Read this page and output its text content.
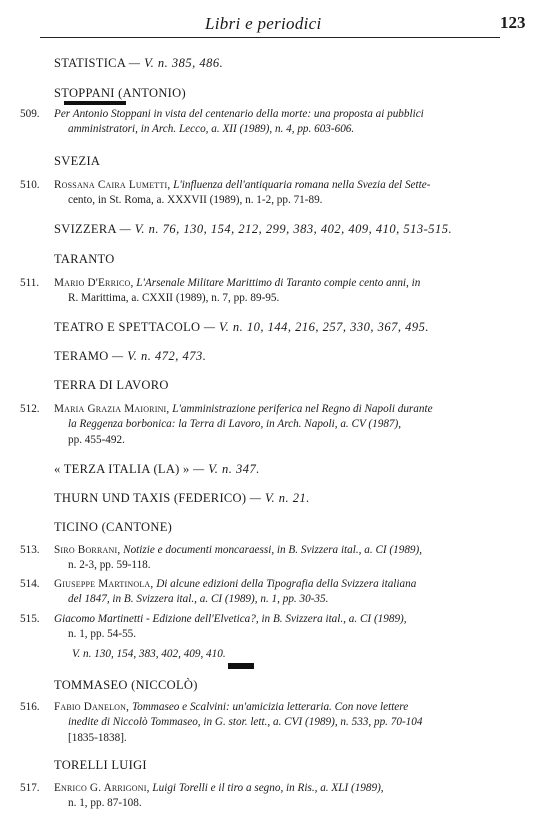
Libri e periodici	123
STATISTICA — V. n. 385, 486.
STOPPANI (ANTONIO)
509. Per Antonio Stoppani in vista del centenario della morte: una proposta ai pubblici
amministratori, in Arch. Lecco, a. XII (1989), n. 4, pp. 603-606.
SVEZIA
510. Rossana Caira Lumetti, L'influenza dell'antiquaria romana nella Svezia del Sette-
cento, in St. Roma, a. XXXVII (1989), n. 1-2, pp. 71-89.
SVIZZERA — V. n. 76, 130, 154, 212, 299, 383, 402, 409, 410, 513-515.
TARANTO
511. Mario D'Errico, L'Arsenale Militare Marittimo di Taranto compie cento anni, in
R. Marittima, a. CXXII (1989), n. 7, pp. 89-95.
TEATRO E SPETTACOLO — V. n. 10, 144, 216, 257, 330, 367, 495.
TERAMO — V. n. 472, 473.
TERRA DI LAVORO
512. Maria Grazia Maiorini, L'amministrazione periferica nel Regno di Napoli durante
la Reggenza borbonica: la Terra di Lavoro, in Arch. Napoli, a. CV (1987),
pp. 455-492.
« TERZA ITALIA (LA) » — V. n. 347.
THURN UND TAXIS (FEDERICO) — V. n. 21.
TICINO (CANTONE)
513. Siro Borrani, Notizie e documenti moncaraessi, in B. Svizzera ital., a. CI (1989),
n. 2-3, pp. 59-118.
514. Giuseppe Martinola, Di alcune edizioni della Tipografia della Svizzera italiana
del 1847, in B. Svizzera ital., a. CI (1989), n. 1, pp. 30-35.
515. Giacomo Martinetti - Edizione dell'Elvetica?, in B. Svizzera ital., a. CI (1989),
n. 1, pp. 54-55.
V. n. 130, 154, 383, 402, 409, 410.
TOMMASEO (NICCOLÒ)
516. Fabio Danelon, Tommaseo e Scalvini: un'amicizia letteraria. Con nove lettere
inedite di Niccolò Tommaseo, in G. stor. lett., a. CVI (1989), n. 533, pp. 70-104
[1835-1838].
TORELLI LUIGI
517. Enrico G. Arrigoni, Luigi Torelli e il tiro a segno, in Ris., a. XLI (1989),
n. 1, pp. 87-108.
